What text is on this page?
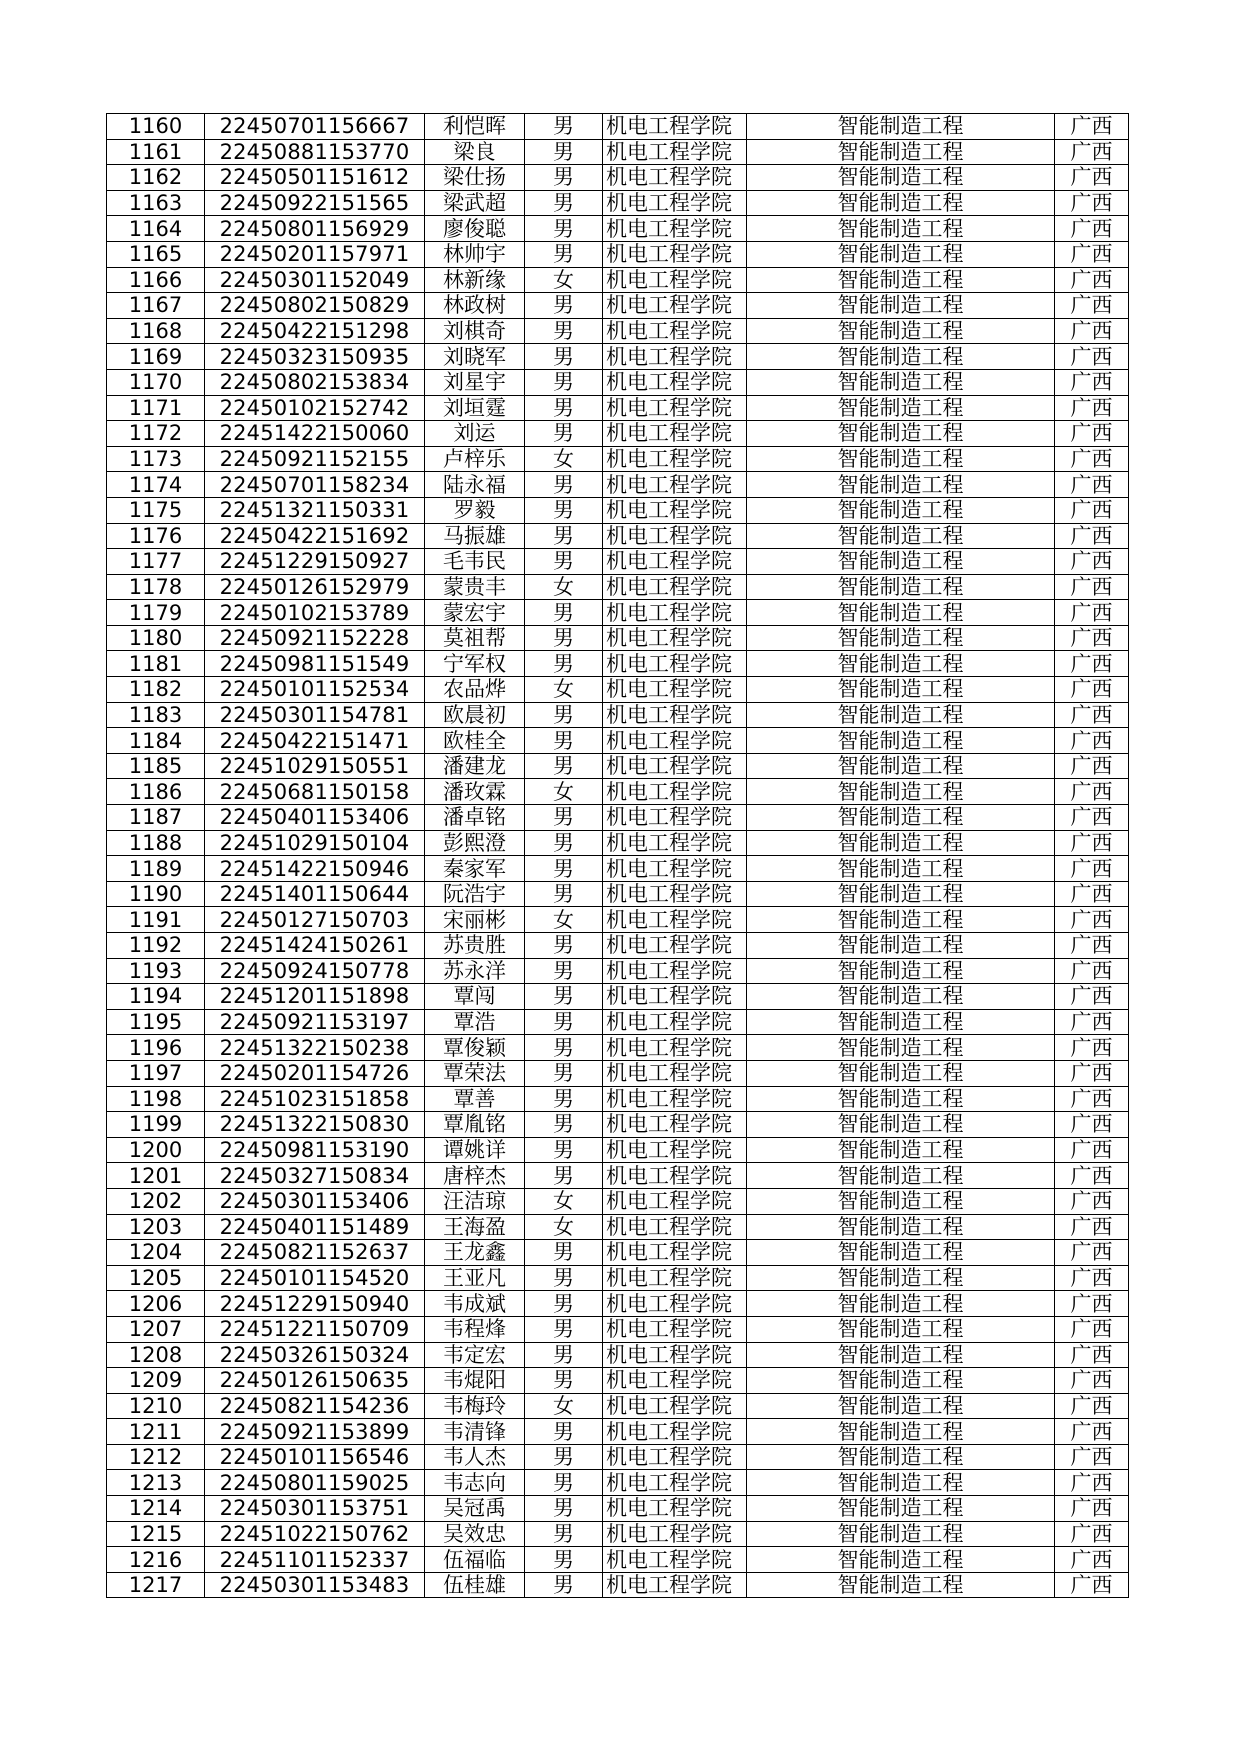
1160	22450701156667	利恺晖	男	机电工程学院	智能制造工程	广西
1161	22450881153770	梁良	男	机电工程学院	智能制造工程	广西
1162	22450501151612	梁仕扬	男	机电工程学院	智能制造工程	广西
1163	22450922151565	梁武超	男	机电工程学院	智能制造工程	广西
1164	22450801156929	廖俊聪	男	机电工程学院	智能制造工程	广西
1165	22450201157971	林帅宇	男	机电工程学院	智能制造工程	广西
1166	22450301152049	林新缘	女	机电工程学院	智能制造工程	广西
1167	22450802150829	林政树	男	机电工程学院	智能制造工程	广西
1168	22450422151298	刘棋奇	男	机电工程学院	智能制造工程	广西
1169	22450323150935	刘晓军	男	机电工程学院	智能制造工程	广西
1170	22450802153834	刘星宇	男	机电工程学院	智能制造工程	广西
1171	22450102152742	刘垣霆	男	机电工程学院	智能制造工程	广西
1172	22451422150060	刘运	男	机电工程学院	智能制造工程	广西
1173	22450921152155	卢梓乐	女	机电工程学院	智能制造工程	广西
1174	22450701158234	陆永福	男	机电工程学院	智能制造工程	广西
1175	22451321150331	罗毅	男	机电工程学院	智能制造工程	广西
1176	22450422151692	马振雄	男	机电工程学院	智能制造工程	广西
1177	22451229150927	毛韦民	男	机电工程学院	智能制造工程	广西
1178	22450126152979	蒙贵丰	女	机电工程学院	智能制造工程	广西
1179	22450102153789	蒙宏宇	男	机电工程学院	智能制造工程	广西
1180	22450921152228	莫祖帮	男	机电工程学院	智能制造工程	广西
1181	22450981151549	宁军权	男	机电工程学院	智能制造工程	广西
1182	22450101152534	农品烨	女	机电工程学院	智能制造工程	广西
1183	22450301154781	欧晨初	男	机电工程学院	智能制造工程	广西
1184	22450422151471	欧桂全	男	机电工程学院	智能制造工程	广西
1185	22451029150551	潘建龙	男	机电工程学院	智能制造工程	广西
1186	22450681150158	潘玫霖	女	机电工程学院	智能制造工程	广西
1187	22450401153406	潘卓铭	男	机电工程学院	智能制造工程	广西
1188	22451029150104	彭熙澄	男	机电工程学院	智能制造工程	广西
1189	22451422150946	秦家军	男	机电工程学院	智能制造工程	广西
1190	22451401150644	阮浩宇	男	机电工程学院	智能制造工程	广西
1191	22450127150703	宋丽彬	女	机电工程学院	智能制造工程	广西
1192	22451424150261	苏贵胜	男	机电工程学院	智能制造工程	广西
1193	22450924150778	苏永洋	男	机电工程学院	智能制造工程	广西
1194	22451201151898	覃闯	男	机电工程学院	智能制造工程	广西
1195	22450921153197	覃浩	男	机电工程学院	智能制造工程	广西
1196	22451322150238	覃俊颖	男	机电工程学院	智能制造工程	广西
1197	22450201154726	覃荣法	男	机电工程学院	智能制造工程	广西
1198	22451023151858	覃善	男	机电工程学院	智能制造工程	广西
1199	22451322150830	覃胤铭	男	机电工程学院	智能制造工程	广西
1200	22450981153190	谭姚详	男	机电工程学院	智能制造工程	广西
1201	22450327150834	唐梓杰	男	机电工程学院	智能制造工程	广西
1202	22450301153406	汪洁琼	女	机电工程学院	智能制造工程	广西
1203	22450401151489	王海盈	女	机电工程学院	智能制造工程	广西
1204	22450821152637	王龙鑫	男	机电工程学院	智能制造工程	广西
1205	22450101154520	王亚凡	男	机电工程学院	智能制造工程	广西
1206	22451229150940	韦成斌	男	机电工程学院	智能制造工程	广西
1207	22451221150709	韦程烽	男	机电工程学院	智能制造工程	广西
1208	22450326150324	韦定宏	男	机电工程学院	智能制造工程	广西
1209	22450126150635	韦焜阳	男	机电工程学院	智能制造工程	广西
1210	22450821154236	韦梅玲	女	机电工程学院	智能制造工程	广西
1211	22450921153899	韦清锋	男	机电工程学院	智能制造工程	广西
1212	22450101156546	韦人杰	男	机电工程学院	智能制造工程	广西
1213	22450801159025	韦志向	男	机电工程学院	智能制造工程	广西
1214	22450301153751	吴冠禹	男	机电工程学院	智能制造工程	广西
1215	22451022150762	吴效忠	男	机电工程学院	智能制造工程	广西
1216	22451101152337	伍福临	男	机电工程学院	智能制造工程	广西
1217	22450301153483	伍桂雄	男	机电工程学院	智能制造工程	广西
